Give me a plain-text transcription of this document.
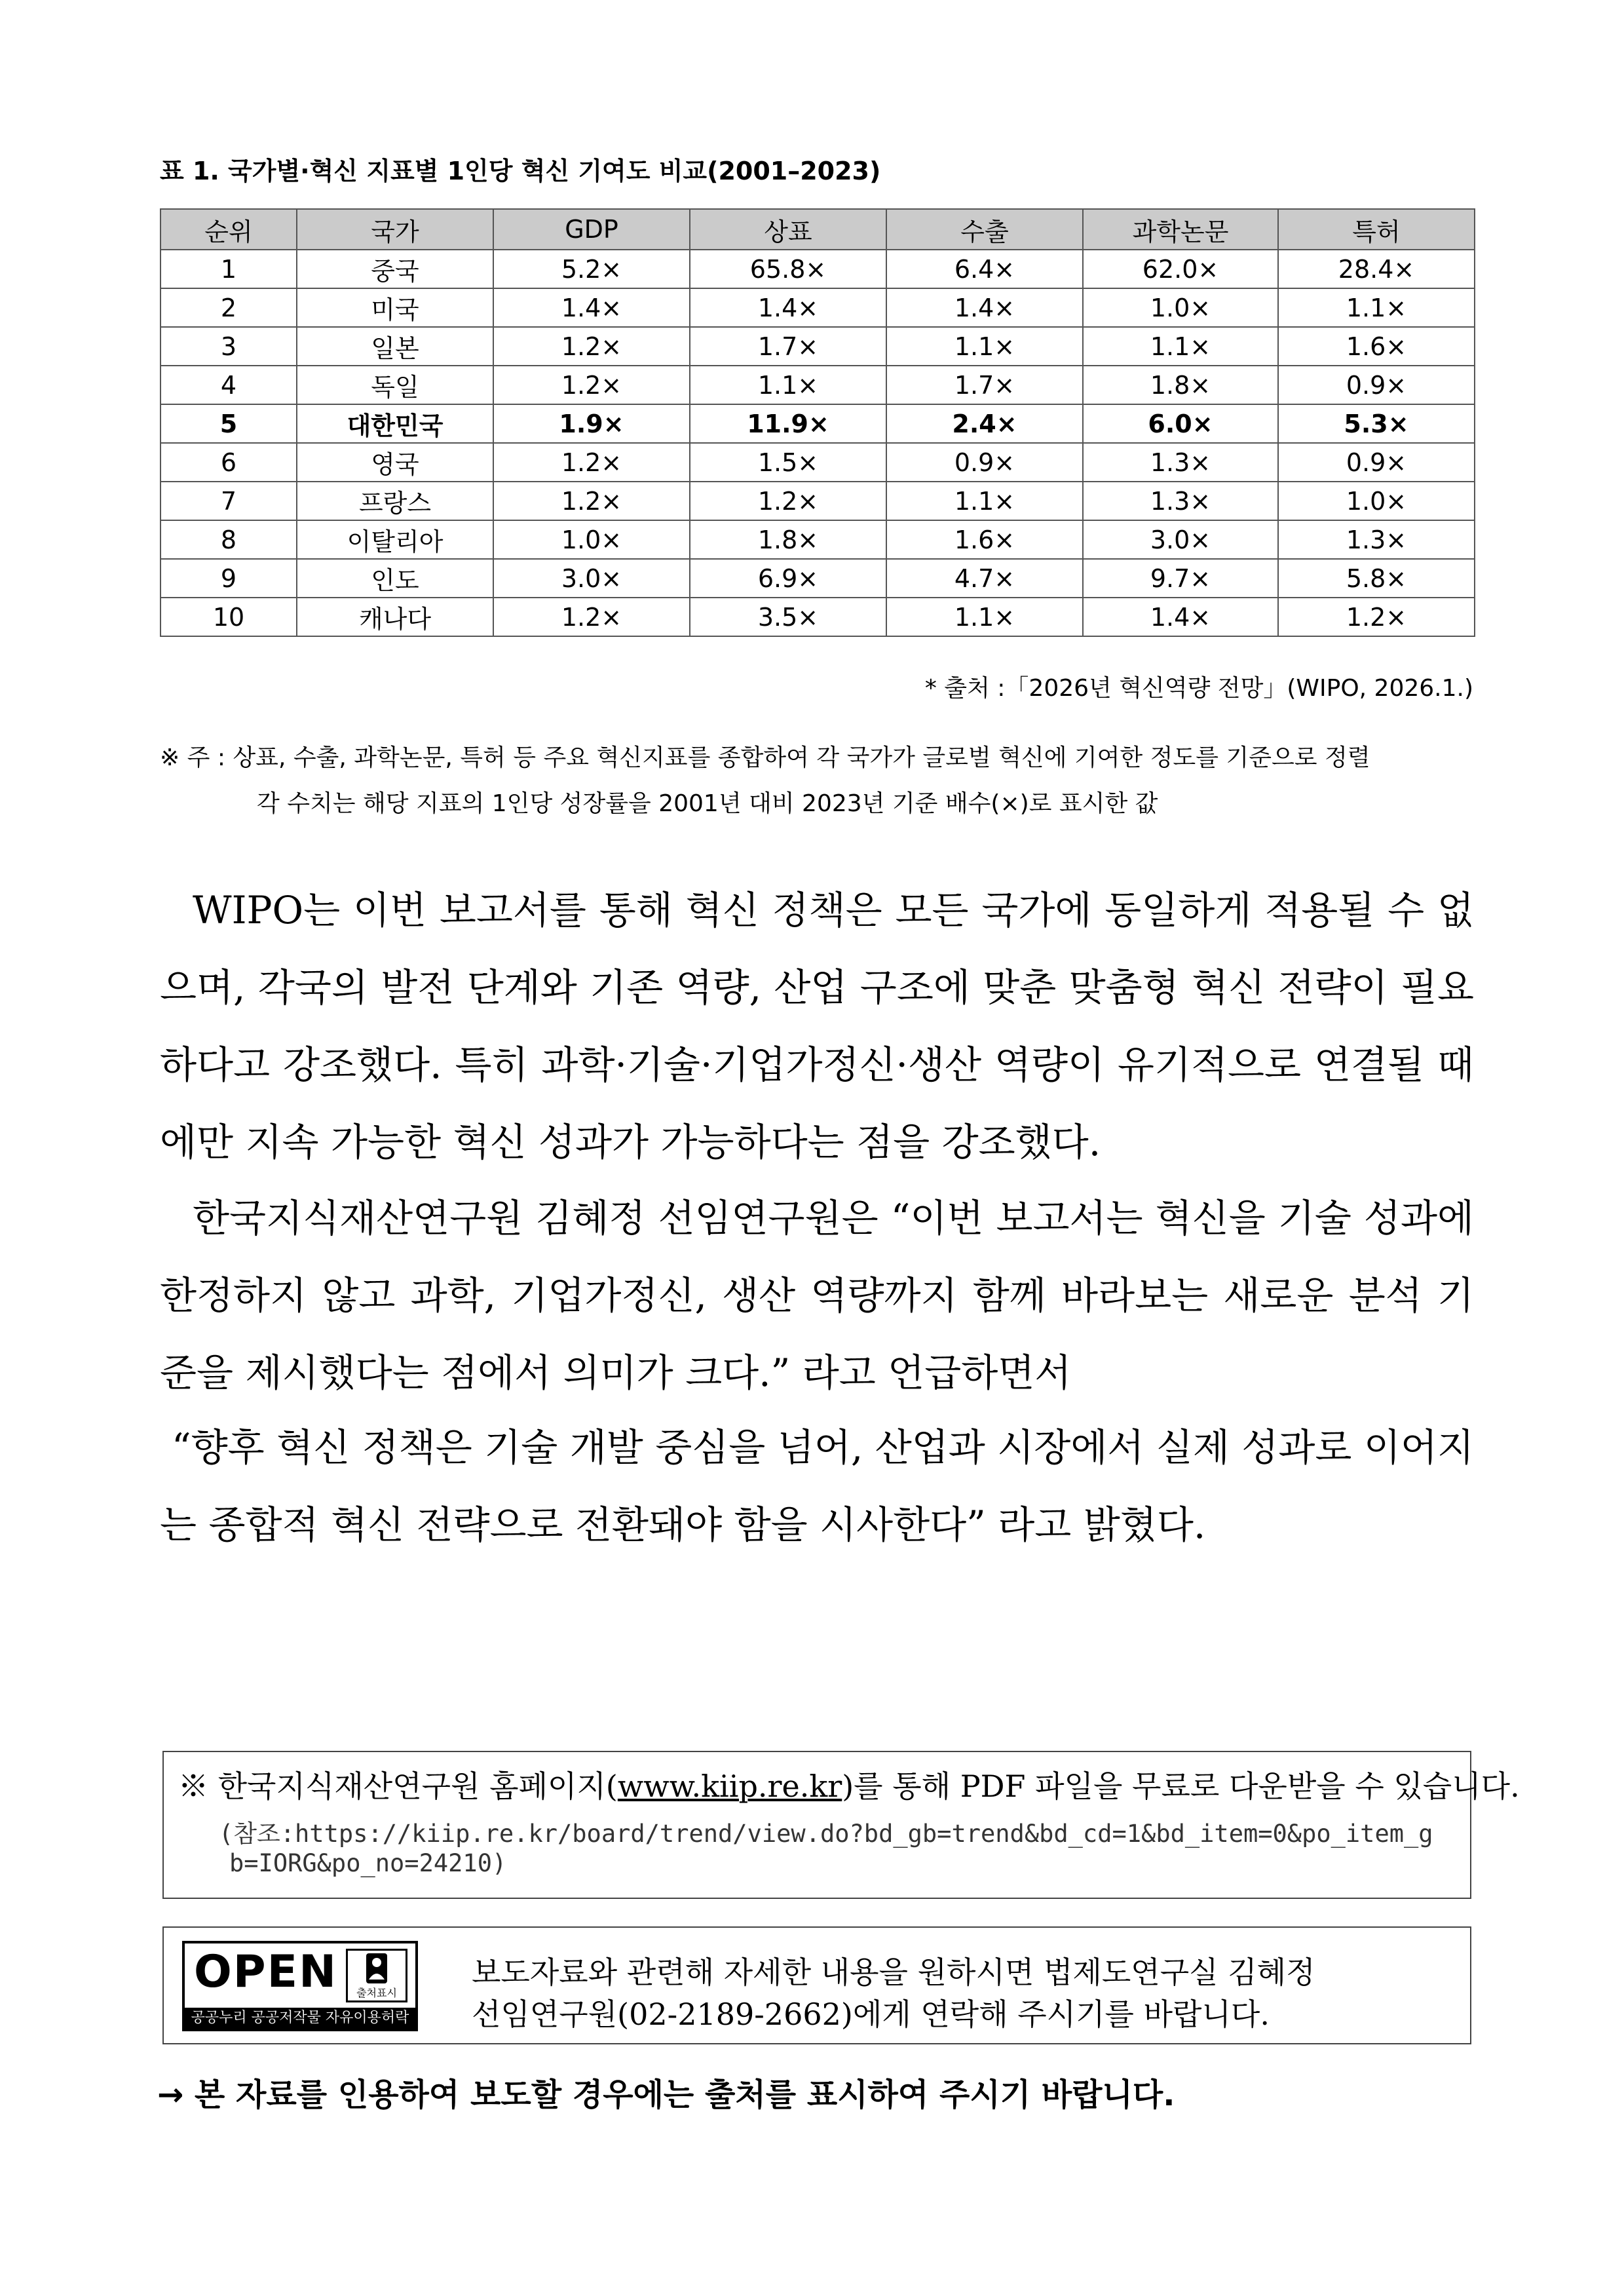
표 1. 국가별·혁신 지표별 1인당 혁신 기여도 비교(2001–2023)
순위	국가	GDP	상표	수출	과학논문	특허
1	중국	5.2×	65.8×	6.4×	62.0×	28.4×
2	미국	1.4×	1.4×	1.4×	1.0×	1.1×
3	일본	1.2×	1.7×	1.1×	1.1×	1.6×
4	독일	1.2×	1.1×	1.7×	1.8×	0.9×
5	대한민국	1.9×	11.9×	2.4×	6.0×	5.3×
6	영국	1.2×	1.5×	0.9×	1.3×	0.9×
7	프랑스	1.2×	1.2×	1.1×	1.3×	1.0×
8	이탈리아	1.0×	1.8×	1.6×	3.0×	1.3×
9	인도	3.0×	6.9×	4.7×	9.7×	5.8×
10	캐나다	1.2×	3.5×	1.1×	1.4×	1.2×
* 출처 :「2026년 혁신역량 전망」(WIPO, 2026.1.)
※ 주 : 상표, 수출, 과학논문, 특허 등 주요 혁신지표를 종합하여 각 국가가 글로벌 혁신에 기여한 정도를 기준으로 정렬
각 수치는 해당 지표의 1인당 성장률을 2001년 대비 2023년 기준 배수(×)로 표시한 값

WIPO는 이번 보고서를 통해 혁신 정책은 모든 국가에 동일하게 적용될 수 없으며, 각국의 발전 단계와 기존 역량, 산업 구조에 맞춘 맞춤형 혁신 전략이 필요하다고 강조했다. 특히 과학·기술·기업가정신·생산 역량이 유기적으로 연결될 때에만 지속 가능한 혁신 성과가 가능하다는 점을 강조했다.

한국지식재산연구원 김혜정 선임연구원은 “이번 보고서는 혁신을 기술 성과에 한정하지 않고 과학, 기업가정신, 생산 역량까지 함께 바라보는 새로운 분석 기준을 제시했다는 점에서 의미가 크다.” 라고 언급하면서

“향후 혁신 정책은 기술 개발 중심을 넘어, 산업과 시장에서 실제 성과로 이어지는 종합적 혁신 전략으로 전환돼야 함을 시사한다” 라고 밝혔다.

※ 한국지식재산연구원 홈페이지(www.kiip.re.kr)를 통해 PDF 파일을 무료로 다운받을 수 있습니다.
(참조:https://kiip.re.kr/board/trend/view.do?bd_gb=trend&bd_cd=1&bd_item=0&po_item_g
b=IORG&po_no=24210)
OPEN	출처표시
공공누리 공공저작물 자유이용허락
보도자료와 관련해 자세한 내용을 원하시면 법제도연구실 김혜정
선임연구원(02-2189-2662)에게 연락해 주시기를 바랍니다.
→ 본 자료를 인용하여 보도할 경우에는 출처를 표시하여 주시기 바랍니다.
